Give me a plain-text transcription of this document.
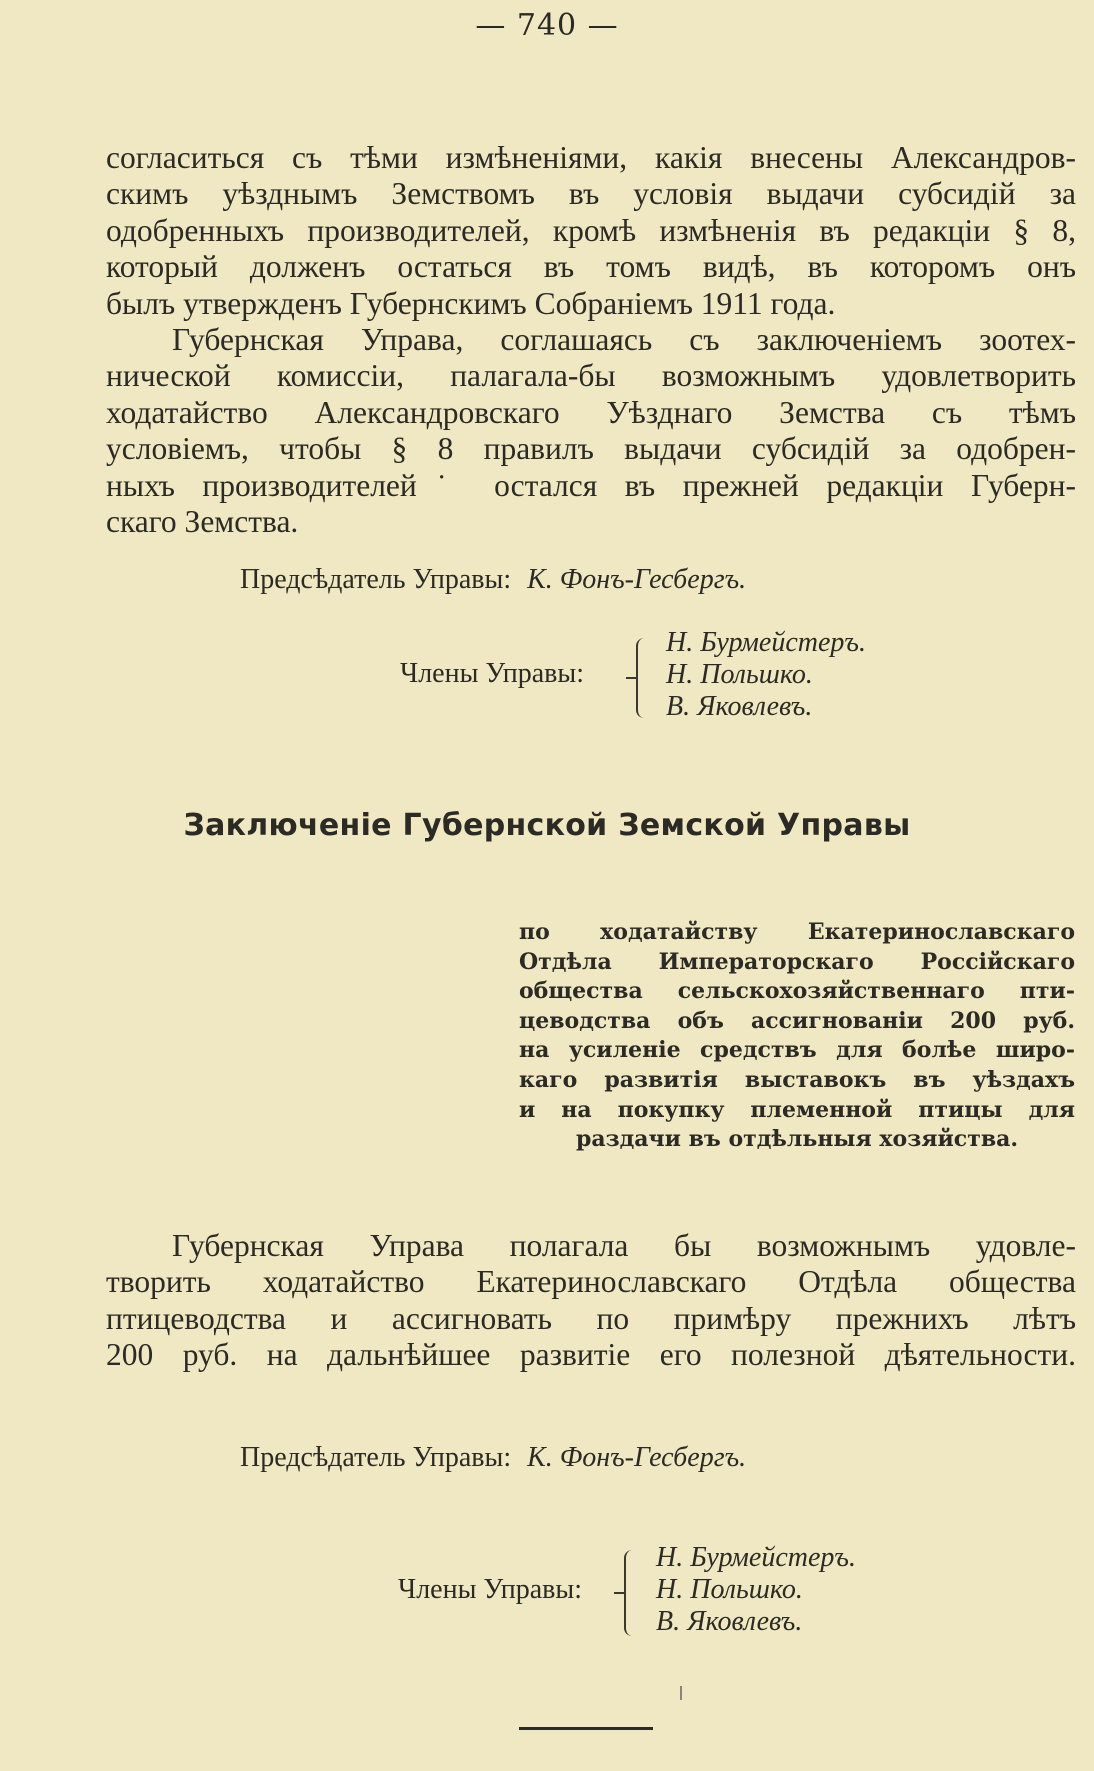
— 740 —

согласиться съ тѣми измѣненіями, какія внесены Александров-
скимъ уѣзднымъ Земствомъ въ условія выдачи субсидій за
одобренныхъ производителей, кромѣ измѣненія въ редакціи § 8,
который долженъ остаться въ томъ видѣ, въ которомъ онъ
былъ утвержденъ Губернскимъ Собраніемъ 1911 года.

Губернская Управа, соглашаясь съ заключеніемъ зоотех-
нической комиссіи, палагала-бы возможнымъ удовлетворить
ходатайство Александровскаго Уѣзднаго Земства съ тѣмъ
условіемъ, чтобы § 8 правилъ выдачи субсидій за одобрен-
ныхъ производителей˙ остался въ прежней редакціи Губерн-
скаго Земства.

Предсѣдатель Управы: К. Фонъ-Гесбергъ.
Члены Управы:
Н. Бурмейстеръ.
Н. Польшко.
В. Яковлевъ.
Заключеніе Губернской Земской Управы

по ходатайству Екатеринославскаго
Отдѣла Императорскаго Россійскаго
общества сельскохозяйственнаго пти-
цеводства объ ассигнованіи 200 руб.
на усиленіе средствъ для болѣе широ-
каго развитія выставокъ въ уѣздахъ
и на покупку племенной птицы для
раздачи въ отдѣльныя хозяйства.

Губернская Управа полагала бы возможнымъ удовле-
творить ходатайство Екатеринославскаго Отдѣла общества
птицеводства и ассигновать по примѣру прежнихъ лѣтъ
200 руб. на дальнѣйшее развитіе его полезной дѣятельности.

Предсѣдатель Управы: К. Фонъ-Гесбергъ.
Члены Управы:
Н. Бурмейстеръ.
Н. Польшко.
В. Яковлевъ.
